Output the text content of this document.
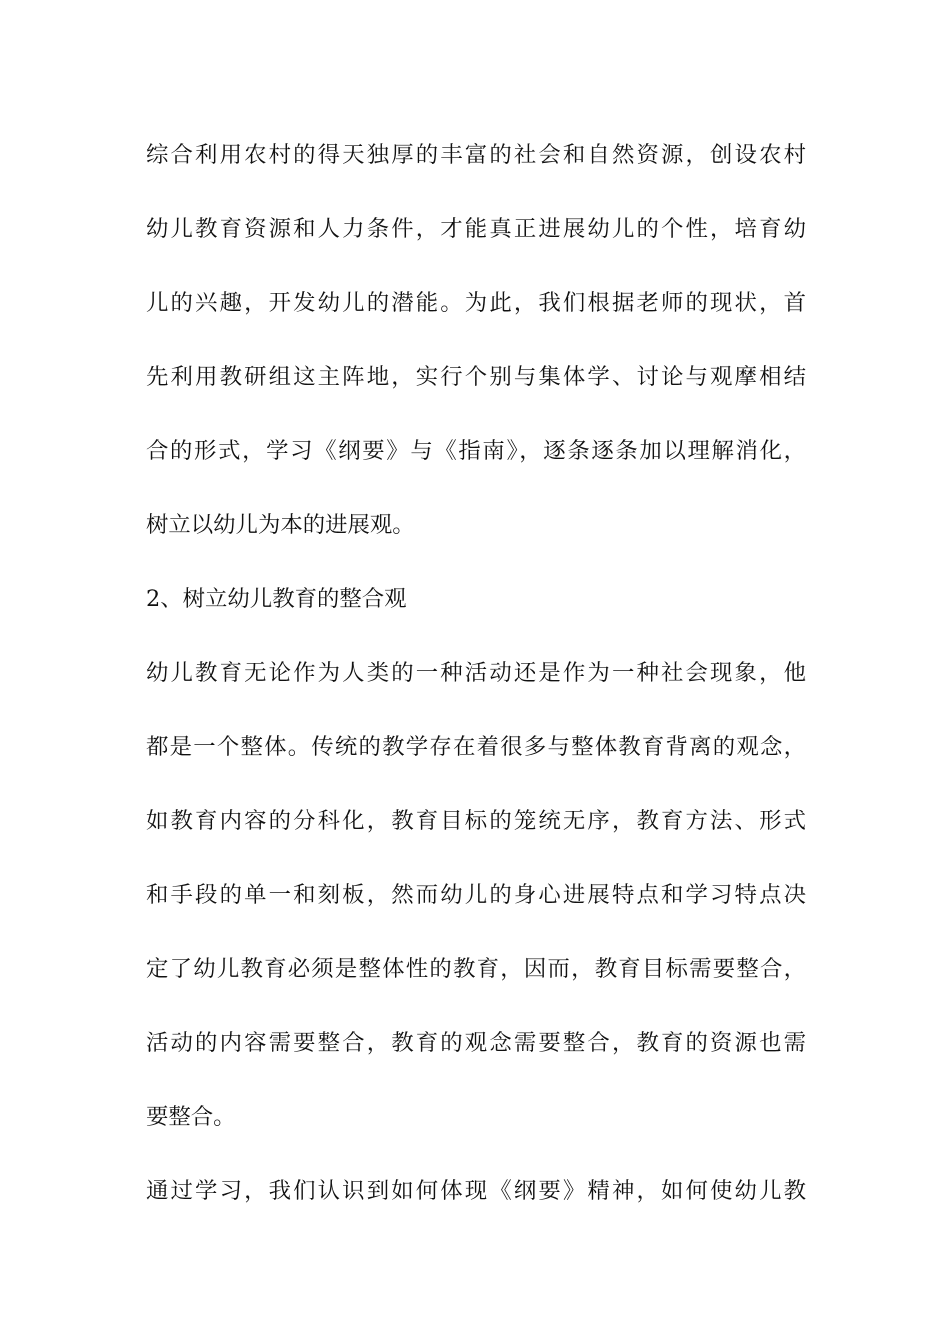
综合利用农村的得天独厚的丰富的社会和自然资源，创设农村
幼儿教育资源和人力条件，才能真正进展幼儿的个性，培育幼
儿的兴趣，开发幼儿的潜能。为此，我们根据老师的现状，首
先利用教研组这主阵地，实行个别与集体学、讨论与观摩相结
合的形式，学习《纲要》与《指南》，逐条逐条加以理解消化，
树立以幼儿为本的进展观。
2、树立幼儿教育的整合观
幼儿教育无论作为人类的一种活动还是作为一种社会现象，他
都是一个整体。传统的教学存在着很多与整体教育背离的观念，
如教育内容的分科化，教育目标的笼统无序，教育方法、形式
和手段的单一和刻板，然而幼儿的身心进展特点和学习特点决
定了幼儿教育必须是整体性的教育，因而，教育目标需要整合，
活动的内容需要整合，教育的观念需要整合，教育的资源也需
要整合。
通过学习，我们认识到如何体现《纲要》精神，如何使幼儿教
